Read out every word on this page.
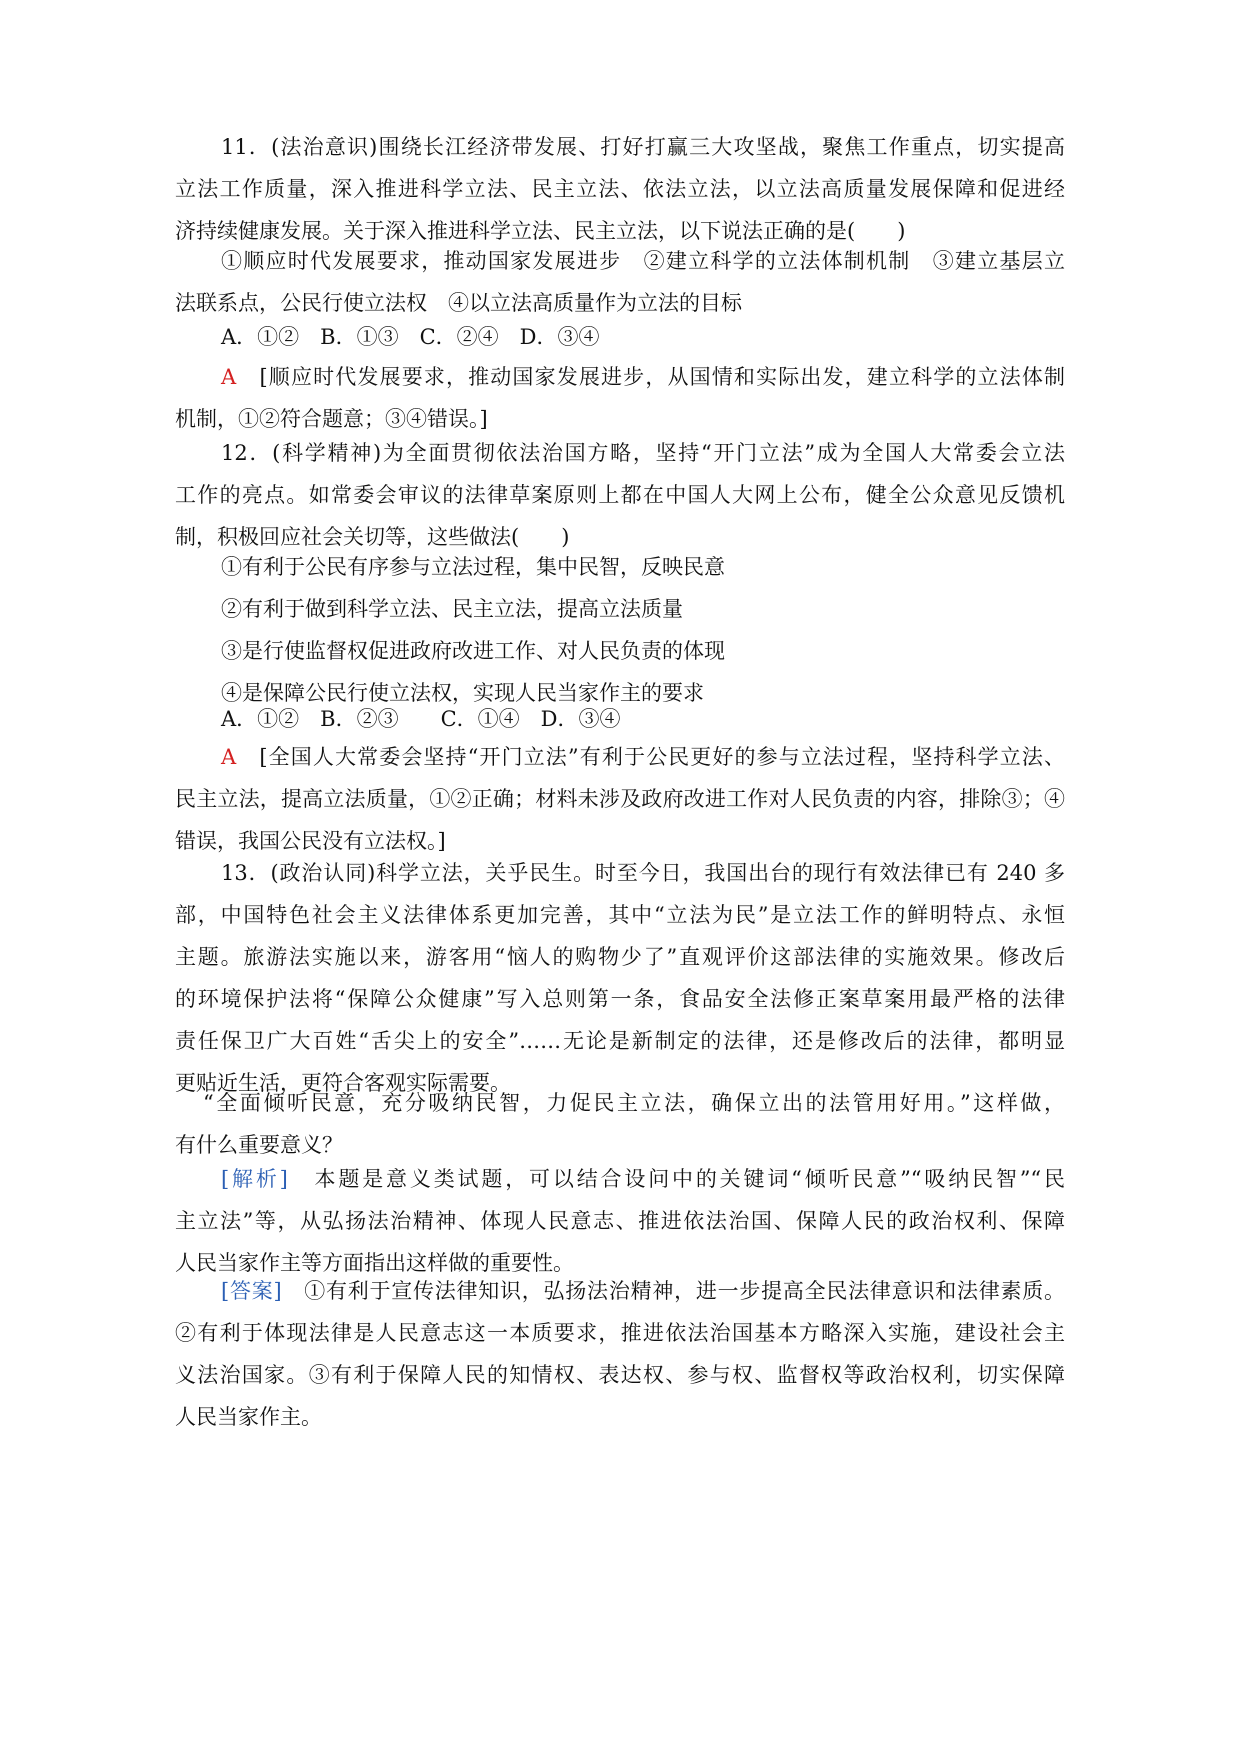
11．(法治意识)围绕长江经济带发展、打好打赢三大攻坚战，聚焦工作重点，切实提高
立法工作质量，深入推进科学立法、民主立法、依法立法，以立法高质量发展保障和促进经
济持续健康发展。关于深入推进科学立法、民主立法，以下说法正确的是(　　)
①顺应时代发展要求，推动国家发展进步　②建立科学的立法体制机制　③建立基层立
法联系点，公民行使立法权　④以立法高质量作为立法的目标
A．①②　B．①③　C．②④　D．③④
A　[顺应时代发展要求，推动国家发展进步，从国情和实际出发，建立科学的立法体制
机制，①②符合题意；③④错误。]
12．(科学精神)为全面贯彻依法治国方略，坚持“开门立法”成为全国人大常委会立法
工作的亮点。如常委会审议的法律草案原则上都在中国人大网上公布，健全公众意见反馈机
制，积极回应社会关切等，这些做法(　　)
①有利于公民有序参与立法过程，集中民智，反映民意
②有利于做到科学立法、民主立法，提高立法质量
③是行使监督权促进政府改进工作、对人民负责的体现
④是保障公民行使立法权，实现人民当家作主的要求
A．①②　B．②③　　C．①④　D．③④
A　[全国人大常委会坚持“开门立法”有利于公民更好的参与立法过程，坚持科学立法、
民主立法，提高立法质量，①②正确；材料未涉及政府改进工作对人民负责的内容，排除③；④
错误，我国公民没有立法权。]
13．(政治认同)科学立法，关乎民生。时至今日，我国出台的现行有效法律已有 240 多
部，中国特色社会主义法律体系更加完善，其中“立法为民”是立法工作的鲜明特点、永恒
主题。旅游法实施以来，游客用“恼人的购物少了”直观评价这部法律的实施效果。修改后
的环境保护法将“保障公众健康”写入总则第一条，食品安全法修正案草案用最严格的法律
责任保卫广大百姓“舌尖上的安全”……无论是新制定的法律，还是修改后的法律，都明显
更贴近生活，更符合客观实际需要。
“全面倾听民意，充分吸纳民智，力促民主立法，确保立出的法管用好用。”这样做，
有什么重要意义？
[解析]　本题是意义类试题，可以结合设问中的关键词“倾听民意”“吸纳民智”“民
主立法”等，从弘扬法治精神、体现人民意志、推进依法治国、保障人民的政治权利、保障
人民当家作主等方面指出这样做的重要性。
[答案]　①有利于宣传法律知识，弘扬法治精神，进一步提高全民法律意识和法律素质。
②有利于体现法律是人民意志这一本质要求，推进依法治国基本方略深入实施，建设社会主
义法治国家。③有利于保障人民的知情权、表达权、参与权、监督权等政治权利，切实保障
人民当家作主。
